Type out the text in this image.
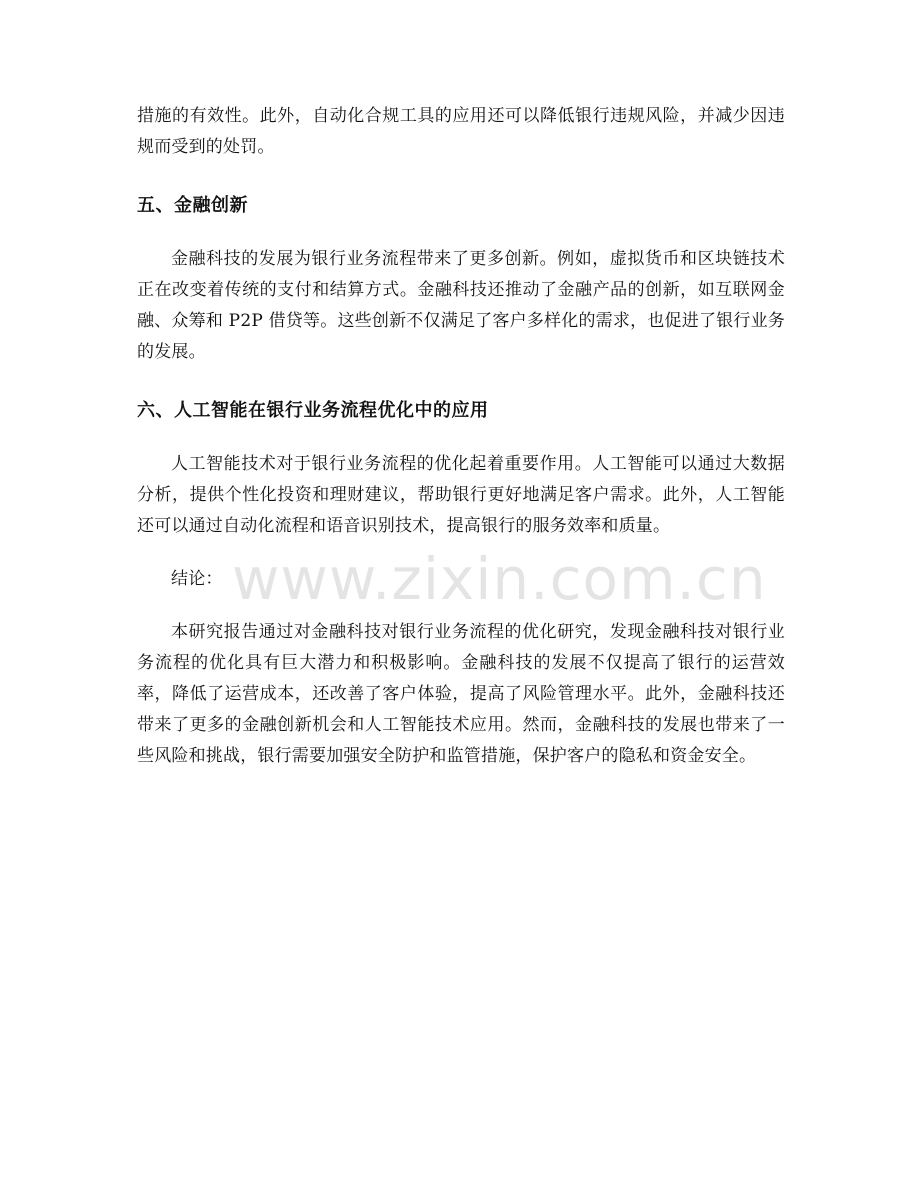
措施的有效性。此外，自动化合规工具的应用还可以降低银行违规风险，并减少因违规而受到的处罚。

五、金融创新

金融科技的发展为银行业务流程带来了更多创新。例如，虚拟货币和区块链技术正在改变着传统的支付和结算方式。金融科技还推动了金融产品的创新，如互联网金融、众筹和 P2P 借贷等。这些创新不仅满足了客户多样化的需求，也促进了银行业务的发展。

六、人工智能在银行业务流程优化中的应用

人工智能技术对于银行业务流程的优化起着重要作用。人工智能可以通过大数据分析，提供个性化投资和理财建议，帮助银行更好地满足客户需求。此外，人工智能还可以通过自动化流程和语音识别技术，提高银行的服务效率和质量。

结论：

本研究报告通过对金融科技对银行业务流程的优化研究，发现金融科技对银行业务流程的优化具有巨大潜力和积极影响。金融科技的发展不仅提高了银行的运营效率，降低了运营成本，还改善了客户体验，提高了风险管理水平。此外，金融科技还带来了更多的金融创新机会和人工智能技术应用。然而，金融科技的发展也带来了一些风险和挑战，银行需要加强安全防护和监管措施，保护客户的隐私和资金安全。

www.zixin.com.cn
